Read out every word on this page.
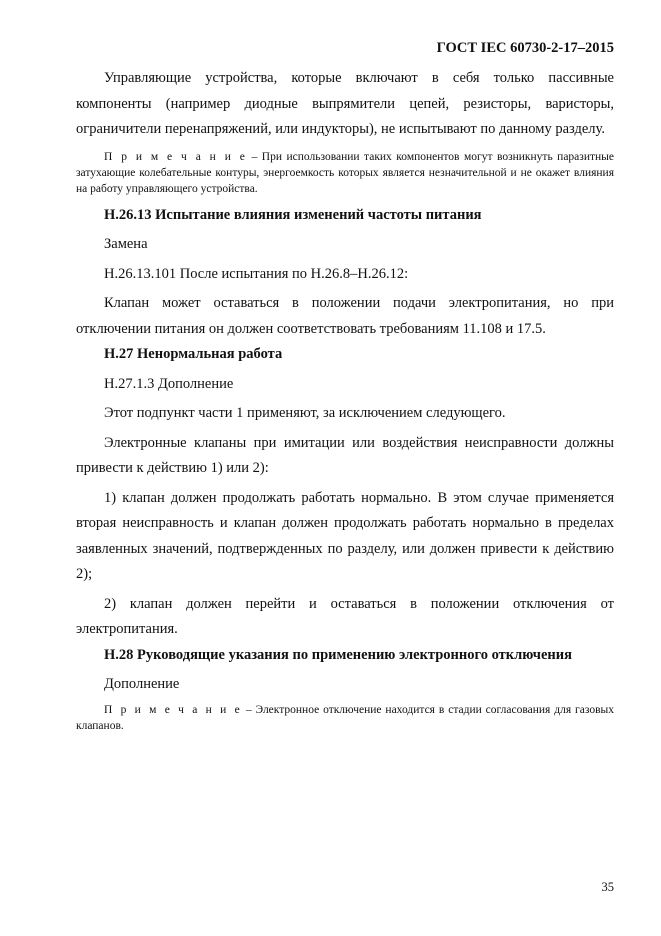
ГОСТ IEC 60730-2-17–2015

Управляющие устройства, которые включают в себя только пассивные компоненты (например диодные выпрямители цепей, резисторы, варисторы, ограничители перенапряжений, или индукторы), не испытывают по данному разделу.

П р и м е ч а н и е – При использовании таких компонентов могут возникнуть паразитные затухающие колебательные контуры, энергоемкость которых является незначительной и не окажет влияния на работу управляющего устройства.

Н.26.13 Испытание влияния изменений частоты питания

Замена

Н.26.13.101 После испытания по Н.26.8–Н.26.12:

Клапан может оставаться в положении подачи электропитания, но при отключении питания он должен соответствовать требованиям 11.108 и 17.5.

Н.27 Ненормальная работа

Н.27.1.3 Дополнение

Этот подпункт части 1 применяют, за исключением следующего.

Электронные клапаны при имитации или воздействия неисправности должны привести к действию 1) или 2):

1) клапан должен продолжать работать нормально. В этом случае применяется вторая неисправность и клапан должен продолжать работать нормально в пределах заявленных значений, подтвержденных по разделу, или должен привести к действию 2);

2) клапан должен перейти и оставаться в положении отключения от электропитания.

Н.28 Руководящие указания по применению электронного отключения

Дополнение

П р и м е ч а н и е – Электронное отключение находится в стадии согласования для газовых клапанов.

35
